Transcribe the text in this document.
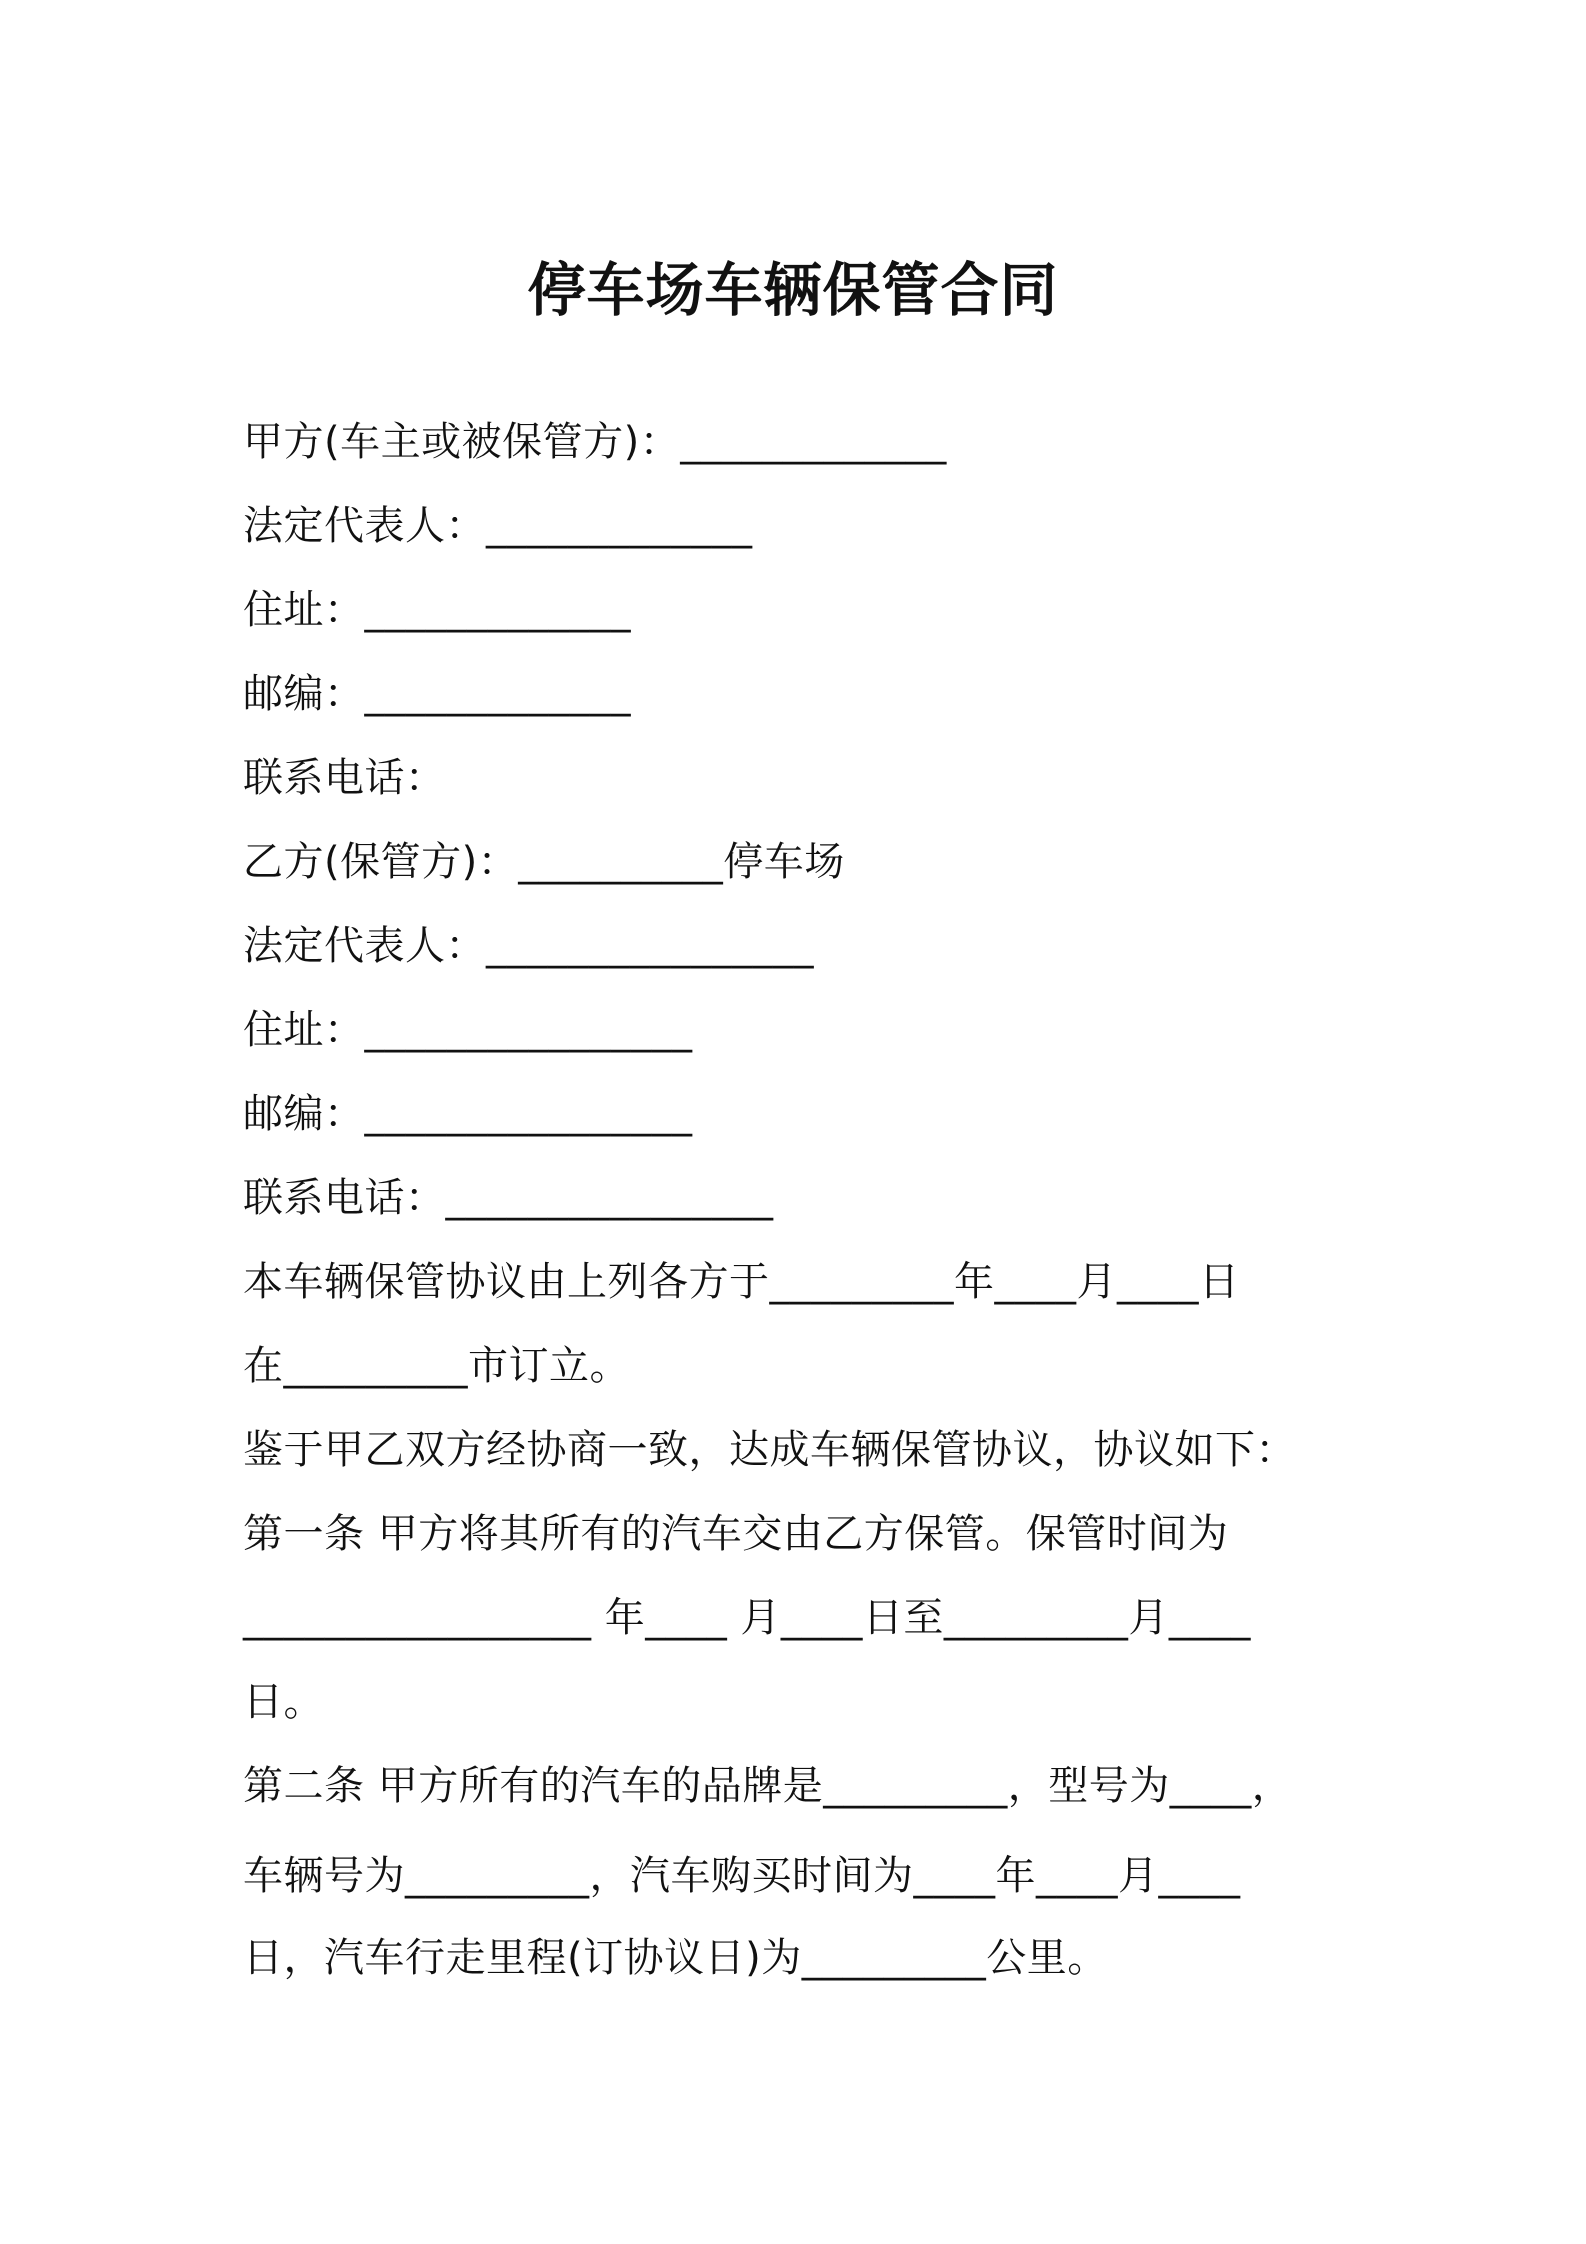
停车场车辆保管合同
甲方(车主或被保管方)：_____________
法定代表人：_____________
住址：_____________
邮编：_____________
联系电话：
乙方(保管方)：__________停车场
法定代表人：________________
住址：________________
邮编：________________
联系电话：________________
本车辆保管协议由上列各方于_________年____月____日
在_________市订立。
鉴于甲乙双方经协商一致，达成车辆保管协议，协议如下：
第一条 甲方将其所有的汽车交由乙方保管。保管时间为
_________________ 年____ 月____日至_________月____
日。
第二条 甲方所有的汽车的品牌是_________，型号为____，
车辆号为_________，汽车购买时间为____年____月____
日，汽车行走里程(订协议日)为_________公里。
